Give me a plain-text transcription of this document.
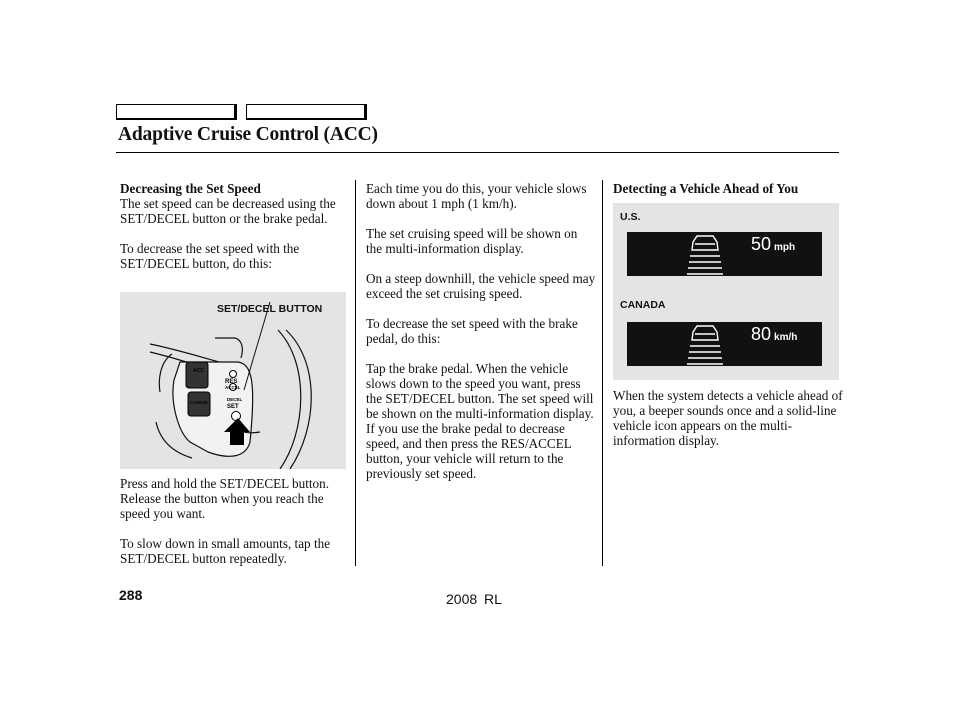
Adaptive Cruise Control (ACC)
Decreasing the Set Speed

The set speed can be decreased using the SET/DECEL button or the brake pedal.

To decrease the set speed with the SET/DECEL button, do this:

SET/DECEL BUTTON
ACC
CANCEL
RES
ACCEL
DECEL
SET

Press and hold the SET/DECEL button. Release the button when you reach the speed you want.

To slow down in small amounts, tap the SET/DECEL button repeatedly.

Each time you do this, your vehicle slows down about 1 mph (1 km/h).

The set cruising speed will be shown on the multi-information display.

On a steep downhill, the vehicle speed may exceed the set cruising speed.

To decrease the set speed with the brake pedal, do this:

Tap the brake pedal. When the vehicle slows down to the speed you want, press the SET/DECEL button. The set speed will be shown on the multi-information display. If you use the brake pedal to decrease speed, and then press the RES/ACCEL button, your vehicle will return to the previously set speed.

Detecting a Vehicle Ahead of You
U.S.
50 mph
CANADA
80 km/h

When the system detects a vehicle ahead of you, a beeper sounds once and a solid-line vehicle icon appears on the multi-information display.

288	2008 RL
